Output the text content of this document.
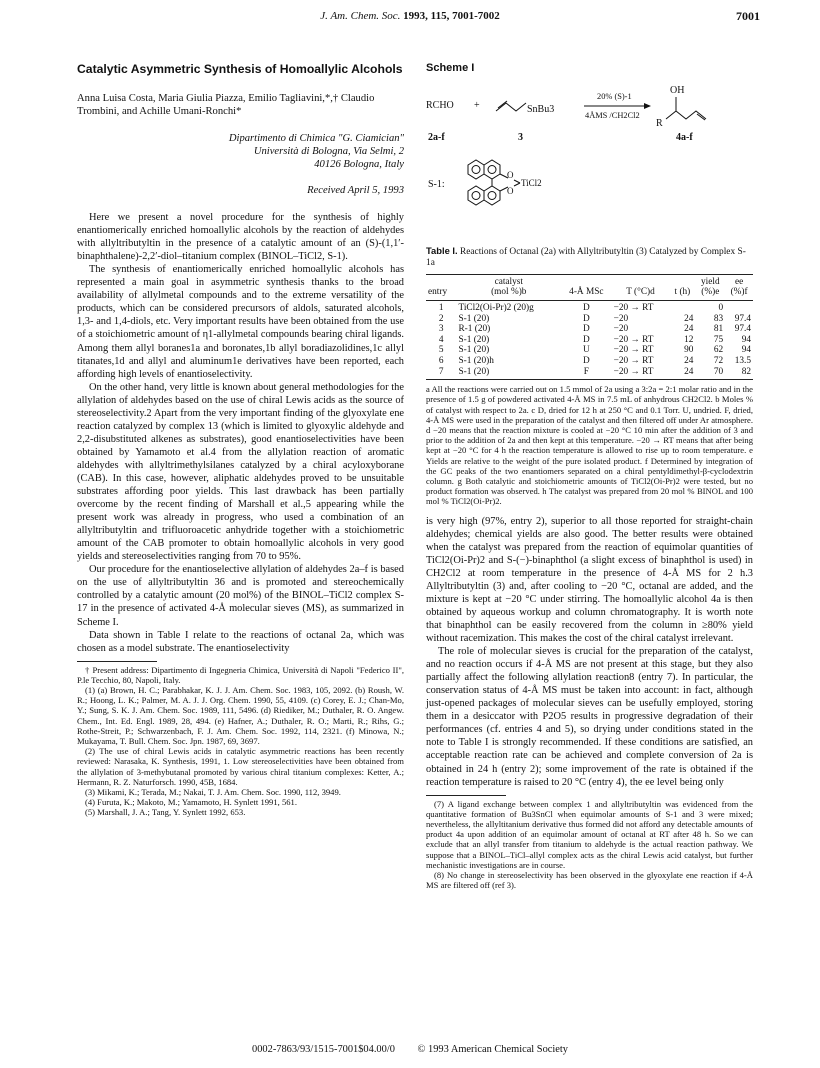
J. Am. Chem. Soc. 1993, 115, 7001-7002	7001
Catalytic Asymmetric Synthesis of Homoallylic Alcohols
Anna Luisa Costa, Maria Giulia Piazza, Emilio Tagliavini,*,† Claudio Trombini, and Achille Umani-Ronchi*
Dipartimento di Chimica "G. Ciamician"
Università di Bologna, Via Selmi, 2
40126 Bologna, Italy
Received April 5, 1993

Here we present a novel procedure for the synthesis of highly enantiomerically enriched homoallylic alcohols by the reaction of aldehydes with allyltributyltin in the presence of a catalytic amount of an (S)-(1,1′-binaphthalene)-2,2′-diol–titanium complex (BINOL–TiCl2, S-1).

The synthesis of enantiomerically enriched homoallylic alcohols has represented a main goal in asymmetric synthesis thanks to the broad availability of allylmetal compounds and to the extreme versatility of the products, which can be considered precursors of aldols, saturated alcohols, 1,3- and 1,4-diols, etc. Very important results have been obtained from the use of a stoichiometric amount of η1-allylmetal compounds bearing chiral ligands. Among them allyl boranes1a and boronates,1b allyl boradiazolidines,1c allyl titanates,1d and allyl and aluminum1e derivatives have been reported, each affording high levels of enantioselectivity.

On the other hand, very little is known about general methodologies for the allylation of aldehydes based on the use of chiral Lewis acids as the source of stereoselectivity.2 Apart from the very important finding of the glyoxylate ene reaction catalyzed by complex 13 (which is limited to glyoxylic aldehyde and 2,2-disubstituted alkenes as substrates), good enantioselectivities have been obtained by Yamamoto et al.4 from the allylation reaction of aromatic aldehydes with allyltrimethylsilanes catalyzed by a chiral acyloxyborane (CAB). In this case, however, aliphatic aldehydes proved to be unsuitable substrates affording poor yields. This last drawback has been partially overcome by the recent finding of Marshall et al.,5 appearing while the present work was already in progress, who used a combination of an allyltributyltin and trifluoroacetic anhydride together with a stoichiometric amount of the CAB promoter to obtain homoallylic alcohols in very good yields and stereoselectivities ranging from 70 to 95%.

Our procedure for the enantioselective allylation of aldehydes 2a–f is based on the use of allyltributyltin 36 and is promoted and stereochemically controlled by a catalytic amount (20 mol%) of the BINOL–TiCl2 complex S-17 in the presence of activated 4-Å molecular sieves (MS), as summarized in Scheme I.

Data shown in Table I relate to the reactions of octanal 2a, which was chosen as a model substrate. The enantioselectivity

† Present address: Dipartimento di Ingegneria Chimica, Università di Napoli "Federico II", P.le Tecchio, 80, Napoli, Italy.

(1) (a) Brown, H. C.; Parabhakar, K. J. J. Am. Chem. Soc. 1983, 105, 2092. (b) Roush, W. R.; Hoong, L. K.; Palmer, M. A. J. J. Org. Chem. 1990, 55, 4109. (c) Corey, E. J.; Chan-Mo, Y.; Sung, S. K. J. Am. Chem. Soc. 1989, 111, 5496. (d) Riediker, M.; Duthaler, R. O. Angew. Chem., Int. Ed. Engl. 1989, 28, 494. (e) Hafner, A.; Duthaler, R. O.; Marti, R.; Rihs, G.; Rothe-Streit, P.; Schwarzenbach, F. J. Am. Chem. Soc. 1992, 114, 2321. (f) Minowa, N.; Mukayama, T. Bull. Chem. Soc. Jpn. 1987, 69, 3697.

(2) The use of chiral Lewis acids in catalytic asymmetric reactions has been recently reviewed: Narasaka, K. Synthesis, 1991, 1. Low stereoselectivities have been obtained from the allylation of 3-methybutanal promoted by various chiral titanium complexes: Ketter, A.; Hermann, R. Z. Naturforsch. 1990, 45B, 1684.

(3) Mikami, K.; Terada, M.; Nakai, T. J. Am. Chem. Soc. 1990, 112, 3949.

(4) Furuta, K.; Makoto, M.; Yamamoto, H. Synlett 1991, 561.

(5) Marshall, J. A.; Tang, Y. Synlett 1992, 653.

Scheme I
RCHO +	SnBu3
20% (S)-1
4ÅMS /CH2Cl2
OH
R
2a-f	3	4a-f
S-1:
O
O
TiCl2
Table I. Reactions of Octanal (2a) with Allyltributyltin (3) Catalyzed by Complex S-1a
	catalyst				yield	ee
entry	(mol %)b	4-Å MSc	T (°C)d	t (h)	(%)e	(%)f
1	TiCl2(Oi-Pr)2 (20)g	D	−20 → RT		0	
2	S-1 (20)	D	−20	24	83	97.4
3	R-1 (20)	D	−20	24	81	97.4
4	S-1 (20)	D	−20 → RT	12	75	94
5	S-1 (20)	U	−20 → RT	90	62	94
6	S-1 (20)h	D	−20 → RT	24	72	13.5
7	S-1 (20)	F	−20 → RT	24	70	82

a All the reactions were carried out on 1.5 mmol of 2a using a 3:2a = 2:1 molar ratio and in the presence of 1.5 g of powdered activated 4-Å MS in 7.5 mL of anhydrous CH2Cl2. b Moles % of catalyst with respect to 2a. c D, dried for 12 h at 250 °C and 0.1 Torr. U, undried. F, dried, 4-Å MS were used in the preparation of the catalyst and then filtered off under Ar atmosphere. d −20 means that the reaction mixture is cooled at −20 °C 10 min after the addition of 3 and prior to the addition of 2a and then kept at this temperature. −20 → RT means that after being kept at −20 °C for 4 h the reaction temperature is allowed to rise up to room temperature. e Yields are relative to the weight of the pure isolated product. f Determined by integration of the GC peaks of the two enantiomers separated on a chiral pentyldimethyl-β-cyclodextrin column. g Both catalytic and stoichiometric amounts of TiCl2(Oi-Pr)2 were tested, but no product formation was observed. h The catalyst was prepared from 20 mol % BINOL and 100 mol % TiCl2(Oi-Pr)2.

is very high (97%, entry 2), superior to all those reported for straight-chain aldehydes; chemical yields are also good. The better results were obtained when the catalyst was prepared from the reaction of equimolar quantities of TiCl2(Oi-Pr)2 and S-(−)-binaphthol (a slight excess of binaphthol is used) in CH2Cl2 at room temperature in the presence of 4-Å MS for 2 h.3 Allyltributyltin (3) and, after cooling to −20 °C, octanal are added, and the mixture is kept at −20 °C under stirring. The homoallylic alcohol 4a is then obtained by aqueous workup and column chromatography. It is worth note that binaphthol can be easily recovered from the column in ≥80% yield without racemization. This makes the cost of the chiral catalyst irrelevant.

The role of molecular sieves is crucial for the preparation of the catalyst, and no reaction occurs if 4-Å MS are not present at this stage, but they also partially affect the following allylation reaction8 (entry 7). In particular, the conservation status of 4-Å MS must be taken into account: in fact, although just-opened packages of molecular sieves can be usefully employed, storing them in a desiccator with P2O5 results in progressive degradation of their performances (cf. entries 4 and 5), so drying under conditions stated in the note to Table I is strongly recommended. If these conditions are satisfied, an acceptable reaction rate can be achieved and complete conversion of 2a is obtained in 24 h (entry 2); some improvement of the rate is obtained if the reaction temperature is raised to 20 °C (entry 4), the ee level being only

(7) A ligand exchange between complex 1 and allyltributyltin was evidenced from the quantitative formation of Bu3SnCl when equimolar amounts of S-1 and 3 were mixed; nevertheless, the allyltitanium derivative thus formed did not afford any detectable amounts of product 4a upon addition of an equimolar amount of octanal at RT after 48 h. So we can exclude that an allyl transfer from titanium to aldehyde is the actual reaction pathway. We suppose that a BINOL–TiCl–allyl complex acts as the chiral Lewis acid catalyst, but further mechanistic investigations are in course.

(8) No change in stereoselectivity has been observed in the glyoxylate ene reaction if 4-Å MS are filtered off (ref 3).

0002-7863/93/1515-7001$04.00/0 © 1993 American Chemical Society
